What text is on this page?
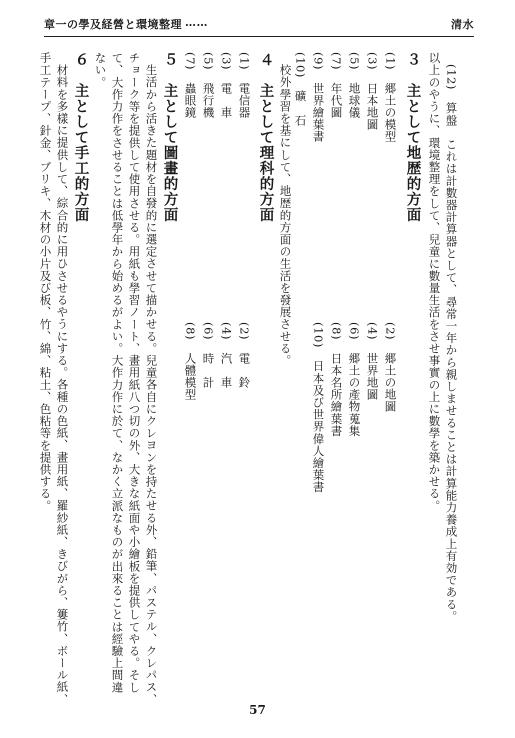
章一の學及経營と環境整理 ……	清水
(12)　算盤　これは計數器計算器として、尋常一年から親しませることは計算能力養成上有効である。
以上のやうに、環境整理をして、兒童に數量生活をさせ事實の上に數學を築かせる。
３　主として地歴的方面
(1)　郷土の模型
(3)　日本地圖
(5)　地球儀
(7)　年代圖
(9)　世界繪葉書
(10)　礦　石
(2)　郷土の地圖
(4)　世界地圖
(6)　郷土の產物蒐集
(8)　日本名所繪葉書
(10)　日本及び世界偉人繪葉書
校外學習を基にして、地歴的方面の生活を發展させる。
４　主として理科的方面
(1)　電信器
(3)　電　車
(5)　飛行機
(7)　蟲眼鏡
(2)　電　鈴
(4)　汽　車
(6)　時　計
(8)　人體模型
５　主として圖畫的方面
生活から活きた題材を自發的に選定させて描かせる。兒童各自にクレヨンを持たせる外、鉛筆、パステル、クレパス、
チョーク等を提供して使用させる。用紙も學習ノート、畫用紙八つ切の外、大きな紙面や小繪板を提供してやる。そし
て、大作力作をさせることは低學年から始めるがよい。大作力作に於て、なかく立派なものが出來ることは經驗上間違
ない。
６　主として手工的方面
材料を多樣に提供して、綜合的に用ひさせるやうにする。各種の色紙、畫用紙、羅紗紙、きびがら、簍竹、ボール紙、
手工テープ、針金、ブリキ、木材の小片及び板、竹、綿、粘土、色粘等を提供する。
57
